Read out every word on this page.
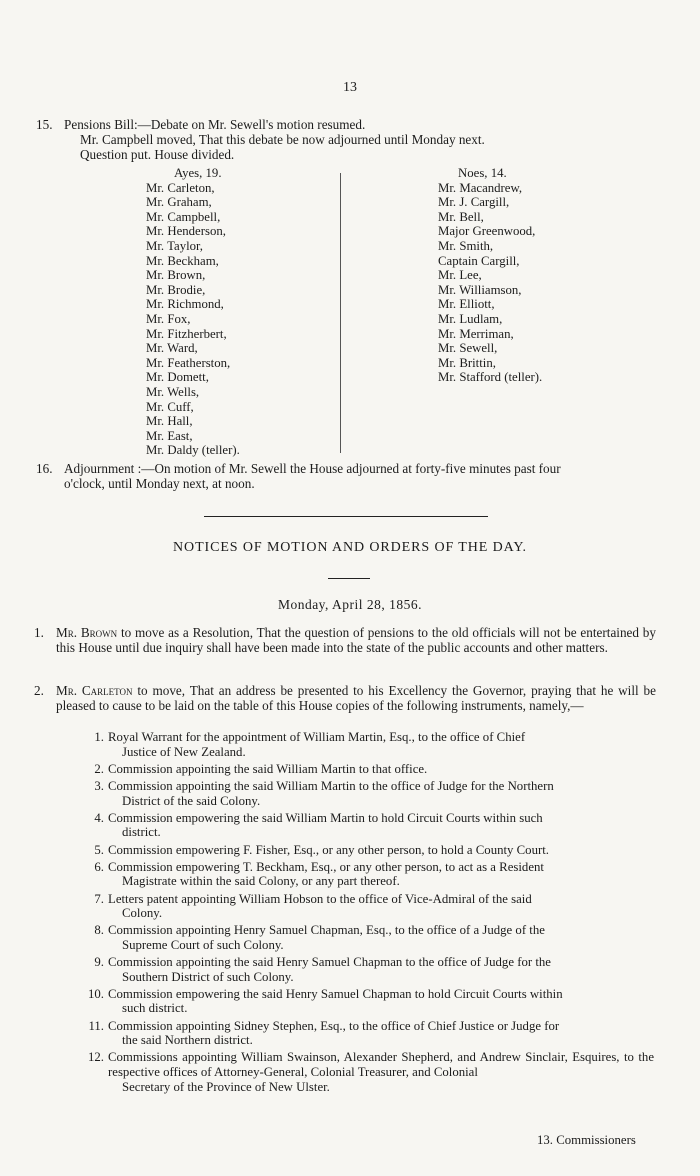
13
15. Pensions Bill:—Debate on Mr. Sewell's motion resumed.
Mr. Campbell moved, That this debate be now adjourned until Monday next.
Question put. House divided.
Ayes, 19.
Mr. Carleton,
Mr. Graham,
Mr. Campbell,
Mr. Henderson,
Mr. Taylor,
Mr. Beckham,
Mr. Brown,
Mr. Brodie,
Mr. Richmond,
Mr. Fox,
Mr. Fitzherbert,
Mr. Ward,
Mr. Featherston,
Mr. Domett,
Mr. Wells,
Mr. Cuff,
Mr. Hall,
Mr. East,
Mr. Daldy (teller).
Noes, 14.
Mr. Macandrew,
Mr. J. Cargill,
Mr. Bell,
Major Greenwood,
Mr. Smith,
Captain Cargill,
Mr. Lee,
Mr. Williamson,
Mr. Elliott,
Mr. Ludlam,
Mr. Merriman,
Mr. Sewell,
Mr. Brittin,
Mr. Stafford (teller).
16. Adjournment :—On motion of Mr. Sewell the House adjourned at forty-five minutes past four
o'clock, until Monday next, at noon.
NOTICES OF MOTION AND ORDERS OF THE DAY.
Monday, April 28, 1856.
1. Mr. Brown to move as a Resolution, That the question of pensions to the old officials will not be entertained by this House until due inquiry shall have been made into the state of the public accounts and other matters.
2. Mr. Carleton to move, That an address be presented to his Excellency the Governor, praying that he will be pleased to cause to be laid on the table of this House copies of the following instruments, namely,—
1. Royal Warrant for the appointment of William Martin, Esq., to the office of Chief
Justice of New Zealand.
2. Commission appointing the said William Martin to that office.
3. Commission appointing the said William Martin to the office of Judge for the Northern
District of the said Colony.
4. Commission empowering the said William Martin to hold Circuit Courts within such
district.
5. Commission empowering F. Fisher, Esq., or any other person, to hold a County Court.
6. Commission empowering T. Beckham, Esq., or any other person, to act as a Resident
Magistrate within the said Colony, or any part thereof.
7. Letters patent appointing William Hobson to the office of Vice-Admiral of the said
Colony.
8. Commission appointing Henry Samuel Chapman, Esq., to the office of a Judge of the
Supreme Court of such Colony.
9. Commission appointing the said Henry Samuel Chapman to the office of Judge for the
Southern District of such Colony.
10. Commission empowering the said Henry Samuel Chapman to hold Circuit Courts within
such district.
11. Commission appointing Sidney Stephen, Esq., to the office of Chief Justice or Judge for
the said Northern district.
12. Commissions appointing William Swainson, Alexander Shepherd, and Andrew Sinclair, Esquires, to the respective offices of Attorney-General, Colonial Treasurer, and Colonial
Secretary of the Province of New Ulster.
13. Commissioners
